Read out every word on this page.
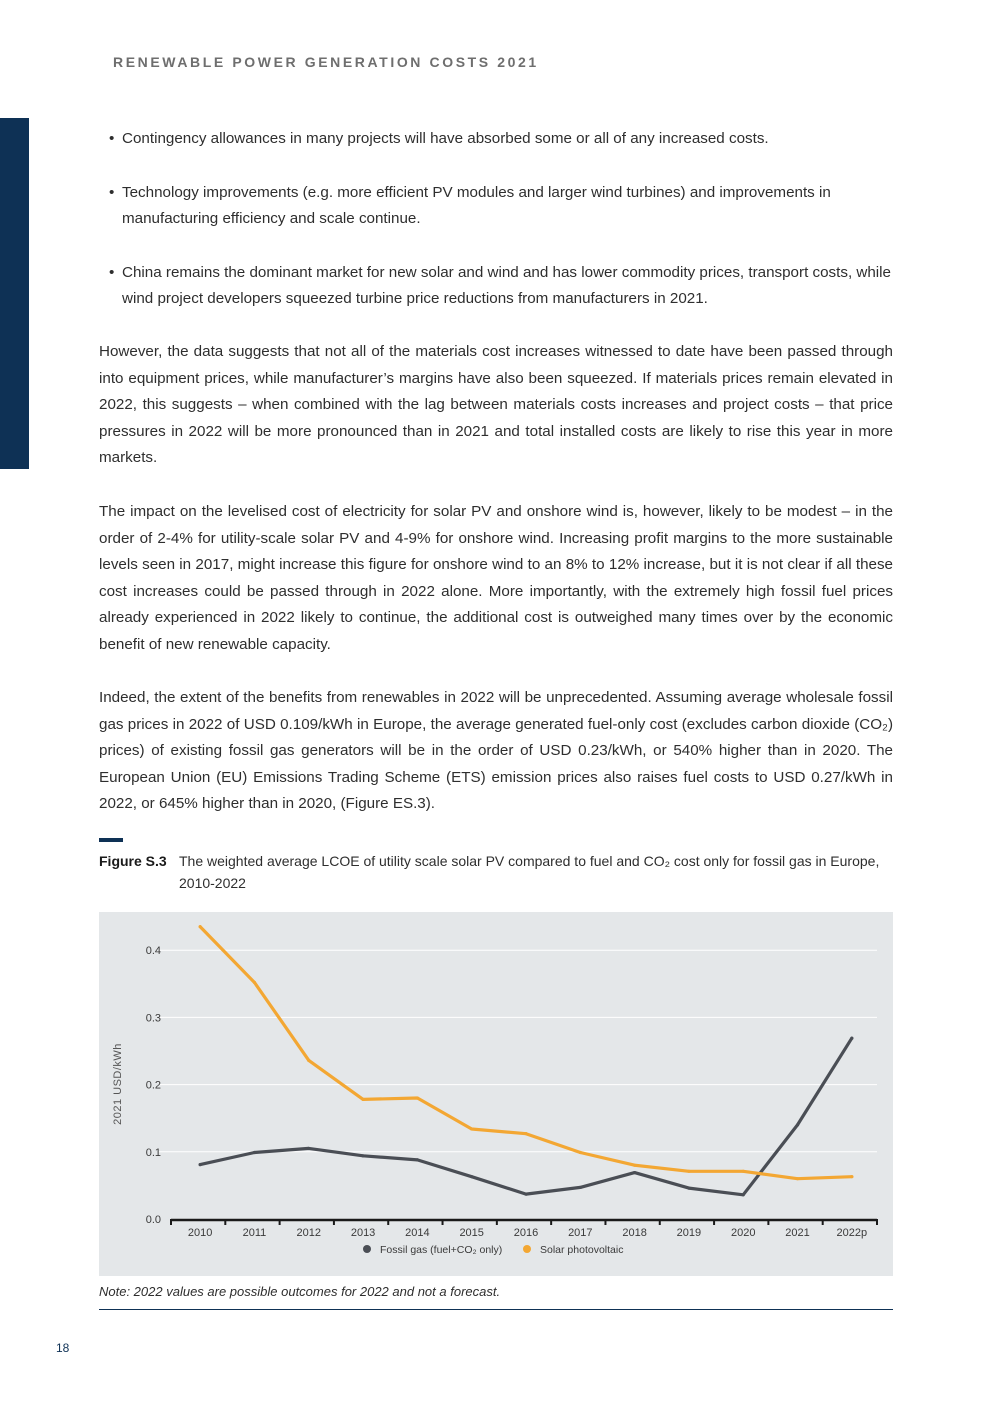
RENEWABLE POWER GENERATION COSTS 2021
• Contingency allowances in many projects will have absorbed some or all of any increased costs.
• Technology improvements (e.g. more efficient PV modules and larger wind turbines) and improvements in manufacturing efficiency and scale continue.
• China remains the dominant market for new solar and wind and has lower commodity prices, transport costs, while wind project developers squeezed turbine price reductions from manufacturers in 2021.

However, the data suggests that not all of the materials cost increases witnessed to date have been passed through into equipment prices, while manufacturer’s margins have also been squeezed. If materials prices remain elevated in 2022, this suggests – when combined with the lag between materials costs increases and project costs – that price pressures in 2022 will be more pronounced than in 2021 and total installed costs are likely to rise this year in more markets.

The impact on the levelised cost of electricity for solar PV and onshore wind is, however, likely to be modest – in the order of 2-4% for utility-scale solar PV and 4-9% for onshore wind. Increasing profit margins to the more sustainable levels seen in 2017, might increase this figure for onshore wind to an 8% to 12% increase, but it is not clear if all these cost increases could be passed through in 2022 alone. More importantly, with the extremely high fossil fuel prices already experienced in 2022 likely to continue, the additional cost is outweighed many times over by the economic benefit of new renewable capacity.

Indeed, the extent of the benefits from renewables in 2022 will be unprecedented. Assuming average wholesale fossil gas prices in 2022 of USD 0.109/kWh in Europe, the average generated fuel-only cost (excludes carbon dioxide (CO₂) prices) of existing fossil gas generators will be in the order of USD 0.23/kWh, or 540% higher than in 2020. The European Union (EU) Emissions Trading Scheme (ETS) emission prices also raises fuel costs to USD 0.27/kWh in 2022, or 645% higher than in 2020, (Figure ES.3).

Figure S.3 The weighted average LCOE of utility scale solar PV compared to fuel and CO₂ cost only for fossil gas in Europe, 2010-2022
0.0
0.1
0.2
0.3
0.4
2021 USD/kWh
2010	2011	2012	2013	2014	2015	2016	2017	2018	2019	2020	2021 2022p
Fossil gas (fuel+CO₂ only)	Solar photovoltaic
Note: 2022 values are possible outcomes for 2022 and not a forecast.
18
